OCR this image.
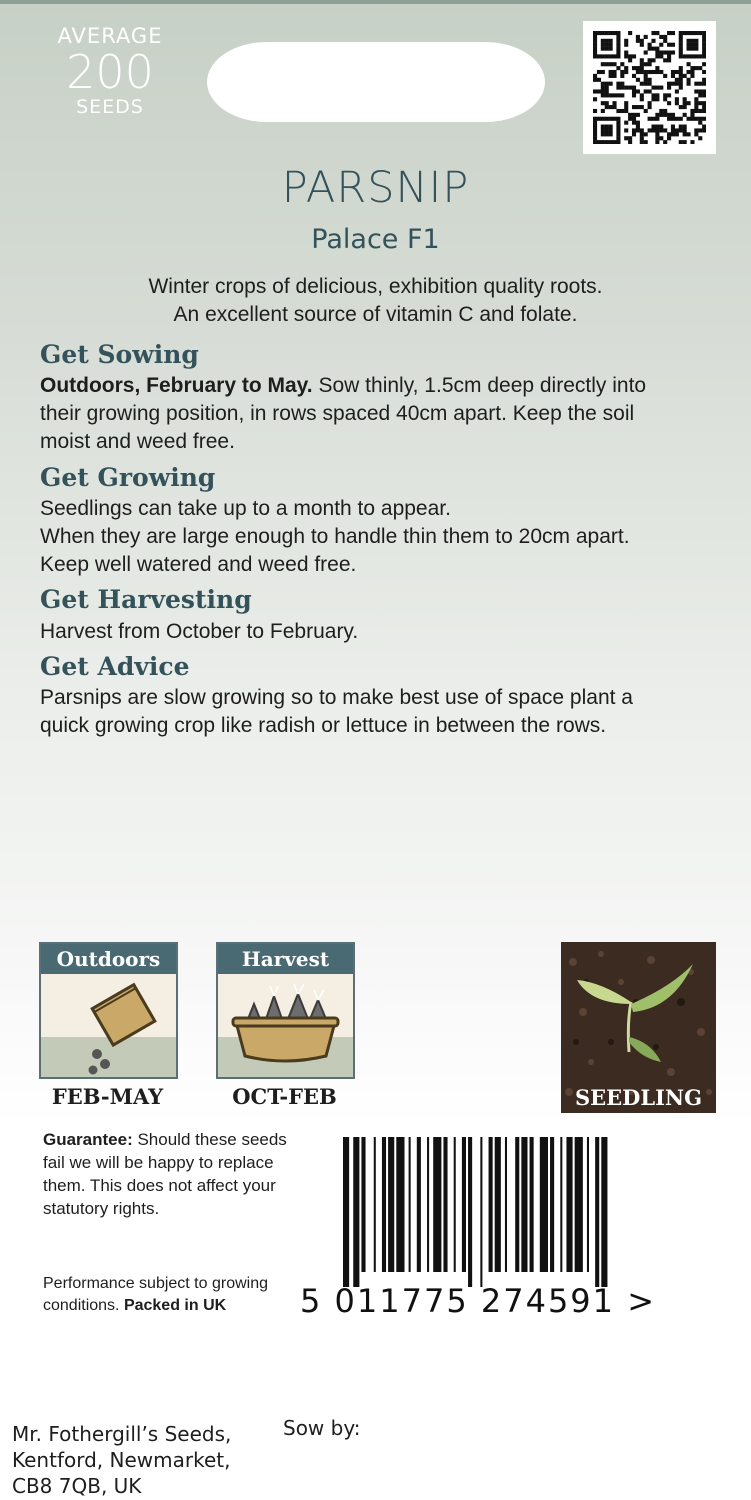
AVERAGE
200
SEEDS
PARSNIP
Palace F1
Winter crops of delicious, exhibition quality roots.
An excellent source of vitamin C and folate.
Get Sowing
Outdoors, February to May. Sow thinly, 1.5cm deep directly into
their growing position, in rows spaced 40cm apart. Keep the soil
moist and weed free.
Get Growing
Seedlings can take up to a month to appear.
When they are large enough to handle thin them to 20cm apart.
Keep well watered and weed free.
Get Harvesting
Harvest from October to February.
Get Advice
Parsnips are slow growing so to make best use of space plant a
quick growing crop like radish or lettuce in between the rows.
Outdoors
FEB-MAY
Harvest
OCT-FEB	SEEDLING
Guarantee: Should these seeds fail we will be happy to replace them. This does not affect your statutory rights.
Performance subject to growing conditions. Packed in UK	5 011775 274591 >
Mr. Fothergill’s Seeds,
Kentford, Newmarket,
CB8 7QB, UK
Sow by:
